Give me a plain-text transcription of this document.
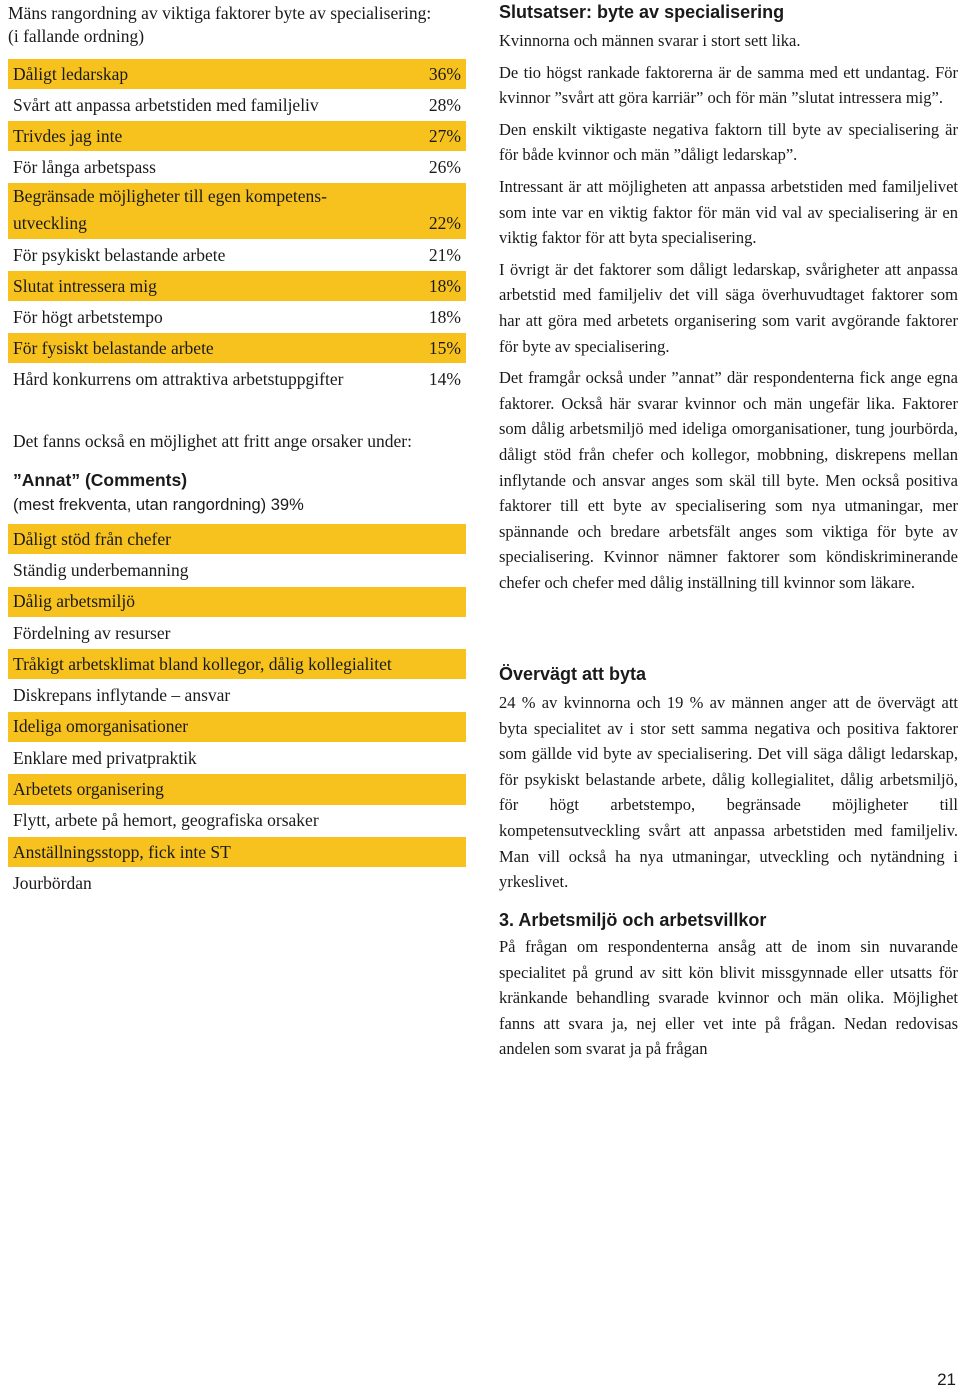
Mäns rangordning av viktiga faktorer byte av specialisering:
(i fallande ordning)
Dåligt ledarskap	36%
Svårt att anpassa arbetstiden med familjeliv	28%
Trivdes jag inte	27%
För långa arbetspass	26%
Begränsade möjligheter till egen kompetens-
utveckling	22%
För psykiskt belastande arbete	21%
Slutat intressera mig	18%
För högt arbetstempo	18%
För fysiskt belastande arbete	15%
Hård konkurrens om attraktiva arbetstuppgifter	14%
Det fanns också en möjlighet att fritt ange orsaker under:
”Annat” (Comments)
(mest frekventa, utan rangordning) 39%
Dåligt stöd från chefer
Ständig underbemanning
Dålig arbetsmiljö
Fördelning av resurser
Tråkigt arbetsklimat bland kollegor, dålig kollegialitet
Diskrepans inflytande – ansvar
Ideliga omorganisationer
Enklare med privatpraktik
Arbetets organisering
Flytt, arbete på hemort, geografiska orsaker
Anställningsstopp, fick inte ST
Jourbördan
Slutsatser: byte av specialisering

Kvinnorna och männen svarar i stort sett lika.

De tio högst rankade faktorerna är de samma med ett undantag. För kvinnor ”svårt att göra karriär” och för män ”slutat intressera mig”.

Den enskilt viktigaste negativa faktorn till byte av specialisering är för både kvinnor och män ”dåligt ledarskap”.

Intressant är att möjligheten att anpassa arbetstiden med familjelivet som inte var en viktig faktor för män vid val av specialisering är en viktig faktor för att byta specialisering.

I övrigt är det faktorer som dåligt ledarskap, svårigheter att anpassa arbetstid med familjeliv det vill säga överhuvudtaget faktorer som har att göra med arbetets organisering som varit avgörande faktorer för byte av specialisering.

Det framgår också under ”annat” där respondenterna fick ange egna faktorer. Också här svarar kvinnor och män ungefär lika. Faktorer som dålig arbetsmiljö med ideliga omorganisationer, tung jourbörda, dåligt stöd från chefer och kollegor, mobbning, diskrepens mellan inflytande och ansvar anges som skäl till byte. Men också positiva faktorer till ett byte av specialisering som nya utmaningar, mer spännande och bredare arbetsfält anges som viktiga för byte av specialisering. Kvinnor nämner faktorer som köndiskriminerande chefer och chefer med dålig inställning till kvinnor som läkare.

Övervägt att byta

24 % av kvinnorna och 19 % av männen anger att de övervägt att byta specialitet av i stor sett samma negativa och positiva faktorer som gällde vid byte av specialisering. Det vill säga dåligt ledarskap, för psykiskt belastande arbete, dålig kollegialitet, dålig arbetsmiljö, för högt arbetstempo, begränsade möjligheter till kompetensutveckling svårt att anpassa arbetstiden med familjeliv. Man vill också ha nya utmaningar, utveckling och nytändning i yrkeslivet.

3. Arbetsmiljö och arbetsvillkor

På frågan om respondenterna ansåg att de inom sin nuvarande specialitet på grund av sitt kön blivit missgynnade eller utsatts för kränkande behandling svarade kvinnor och män olika. Möjlighet fanns att svara ja, nej eller vet inte på frågan. Nedan redovisas andelen som svarat ja på frågan

21
